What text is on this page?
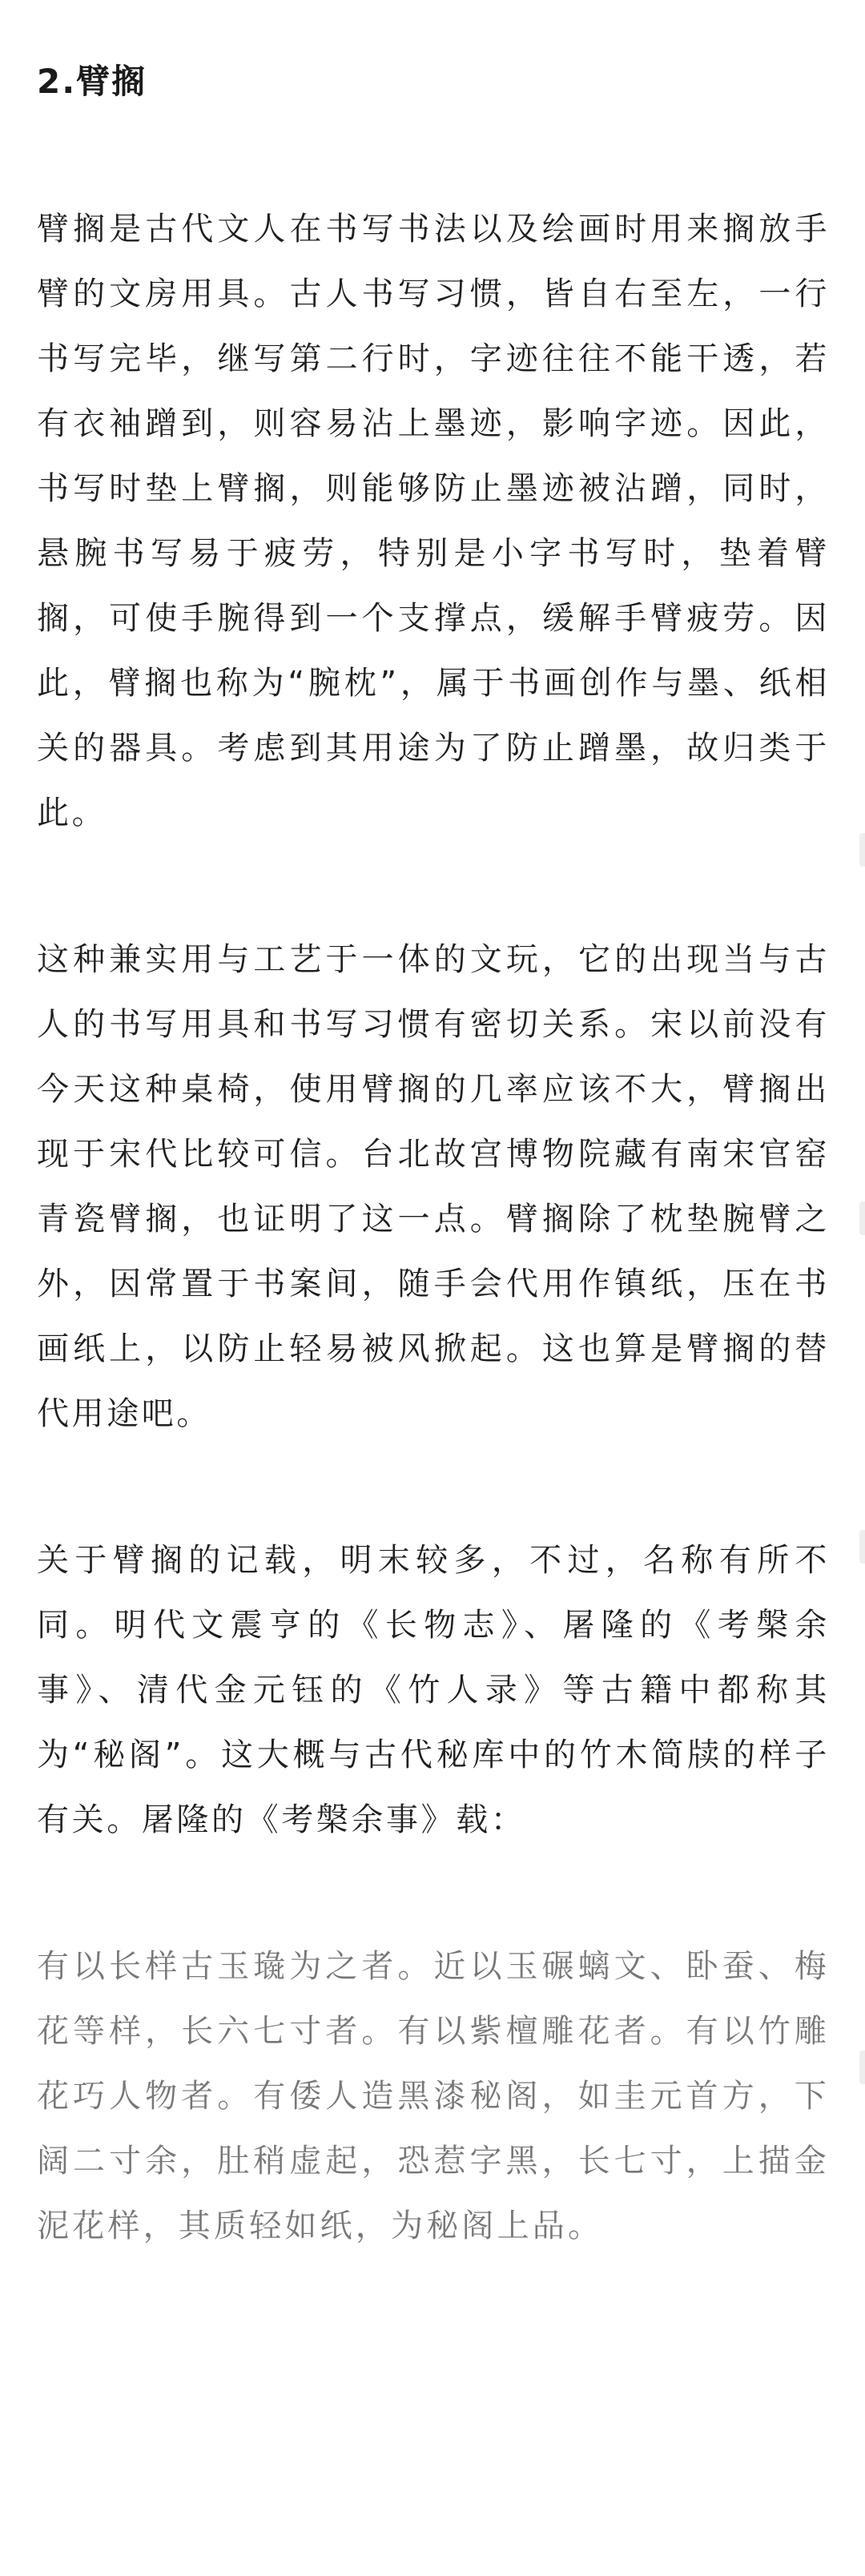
2.臂搁

臂搁是古代文人在书写书法以及绘画时用来搁放手臂的文房用具。古人书写习惯，皆自右至左，一行书写完毕，继写第二行时，字迹往往不能干透，若有衣袖蹭到，则容易沾上墨迹，影响字迹。因此，书写时垫上臂搁，则能够防止墨迹被沾蹭，同时，悬腕书写易于疲劳，特别是小字书写时，垫着臂搁，可使手腕得到一个支撑点，缓解手臂疲劳。因此，臂搁也称为“腕枕”，属于书画创作与墨、纸相关的器具。考虑到其用途为了防止蹭墨，故归类于此。

这种兼实用与工艺于一体的文玩，它的出现当与古人的书写用具和书写习惯有密切关系。宋以前没有今天这种桌椅，使用臂搁的几率应该不大，臂搁出现于宋代比较可信。台北故宫博物院藏有南宋官窑青瓷臂搁，也证明了这一点。臂搁除了枕垫腕臂之外，因常置于书案间，随手会代用作镇纸，压在书画纸上，以防止轻易被风掀起。这也算是臂搁的替代用途吧。

关于臂搁的记载，明末较多，不过，名称有所不同。明代文震亨的《长物志》、屠隆的《考槃余事》、清代金元钰的《竹人录》等古籍中都称其为“秘阁”。这大概与古代秘库中的竹木简牍的样子有关。屠隆的《考槃余事》载：

有以长样古玉璏为之者。近以玉碾螭文、卧蚕、梅花等样，长六七寸者。有以紫檀雕花者。有以竹雕花巧人物者。有倭人造黑漆秘阁，如圭元首方，下阔二寸余，肚稍虚起，恐惹字黑，长七寸，上描金泥花样，其质轻如纸，为秘阁上品。
